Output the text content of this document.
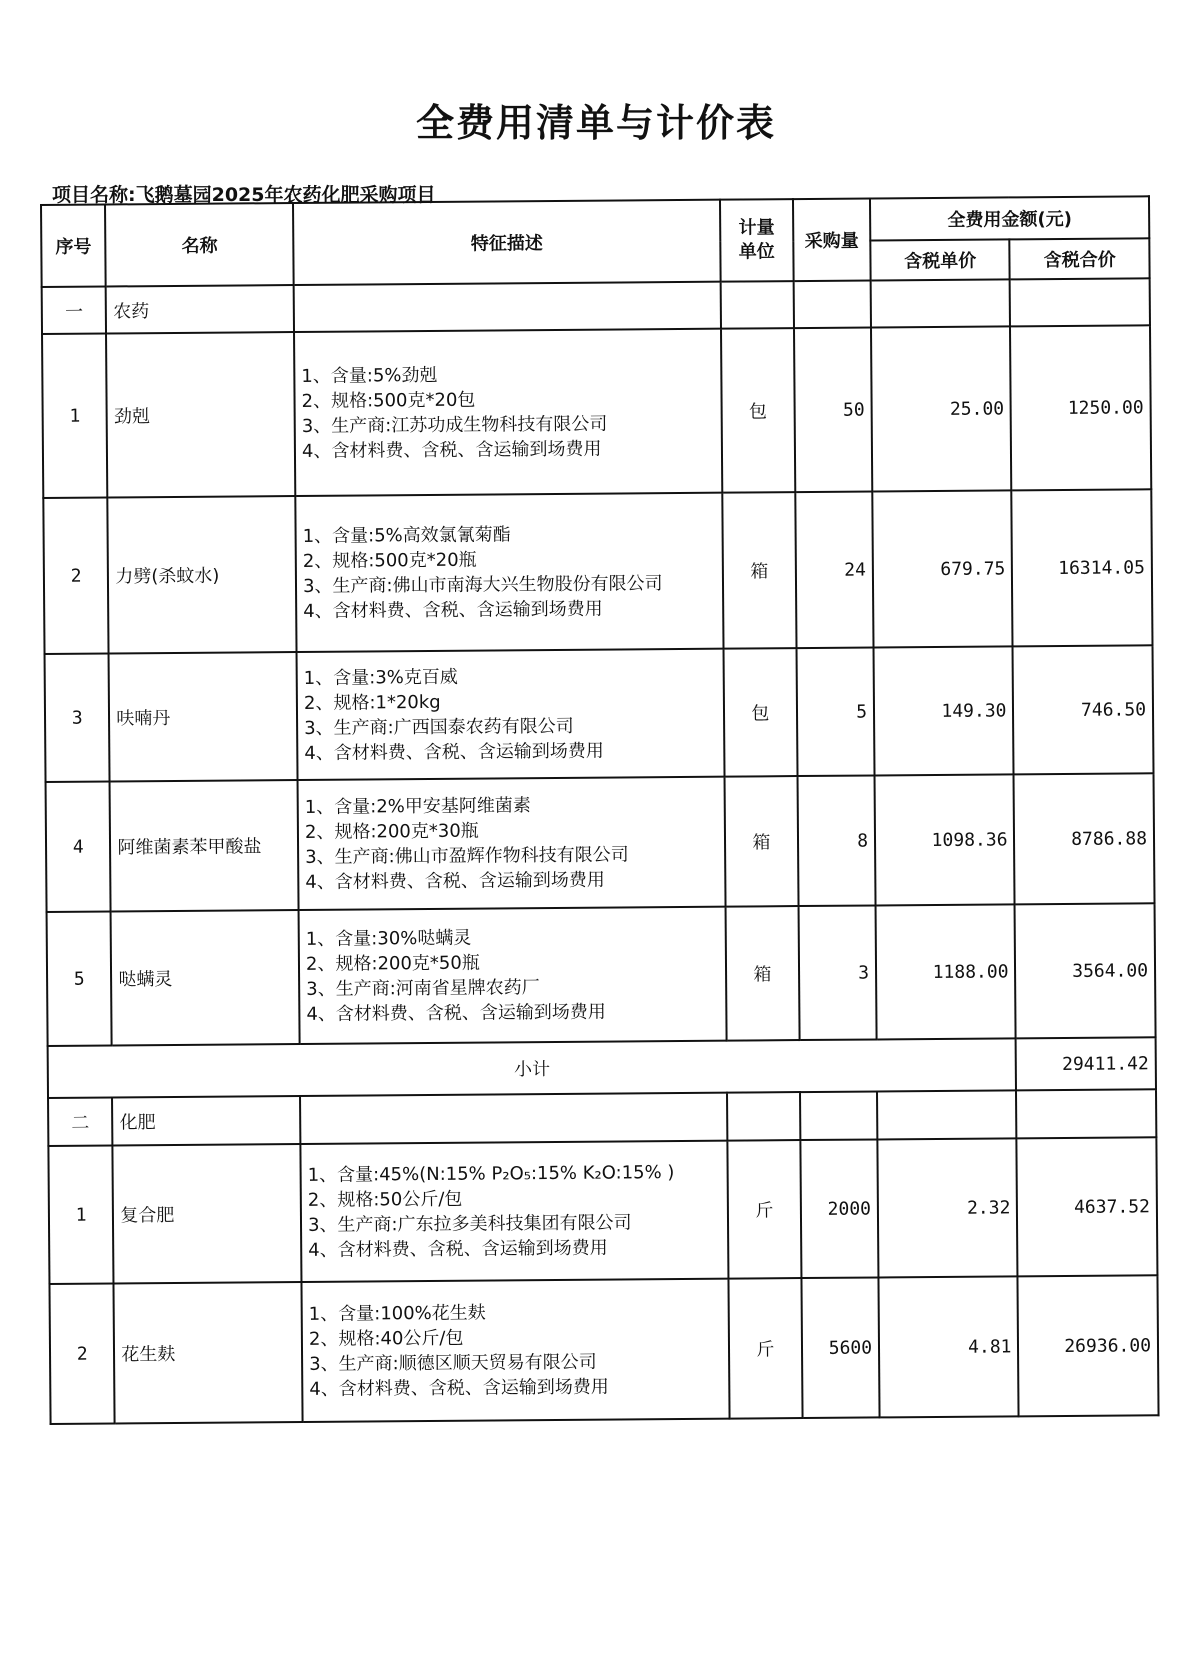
全费用清单与计价表
项目名称:飞鹅墓园2025年农药化肥采购项目
序号	名称	特征描述	计量单位	采购量	全费用金额(元)	
					含税单价	含税合价
一	农药					
1	劲剋	1、含量:5%劲剋
2、规格:500克*20包
3、生产商:江苏功成生物科技有限公司
4、含材料费、含税、含运输到场费用	包	50	25.00	1250.00
2	力劈(杀蚊水)	1、含量:5%高效氯氰菊酯
2、规格:500克*20瓶
3、生产商:佛山市南海大兴生物股份有限公司
4、含材料费、含税、含运输到场费用	箱	24	679.75	16314.05
3	呋喃丹	1、含量:3%克百威
2、规格:1*20kg
3、生产商:广西国泰农药有限公司
4、含材料费、含税、含运输到场费用	包	5	149.30	746.50
4	阿维菌素苯甲酸盐	1、含量:2%甲安基阿维菌素
2、规格:200克*30瓶
3、生产商:佛山市盈辉作物科技有限公司
4、含材料费、含税、含运输到场费用	箱	8	1098.36	8786.88
5	哒螨灵	1、含量:30%哒螨灵
2、规格:200克*50瓶
3、生产商:河南省星牌农药厂
4、含材料费、含税、含运输到场费用	箱	3	1188.00	3564.00
小计						29411.42
二	化肥					
1	复合肥	1、含量:45%(N:15% P₂O₅:15% K₂O:15% )
2、规格:50公斤/包
3、生产商:广东拉多美科技集团有限公司
4、含材料费、含税、含运输到场费用	斤	2000	2.32	4637.52
2	花生麸	1、含量:100%花生麸
2、规格:40公斤/包
3、生产商:顺德区顺天贸易有限公司
4、含材料费、含税、含运输到场费用	斤	5600	4.81	26936.00
